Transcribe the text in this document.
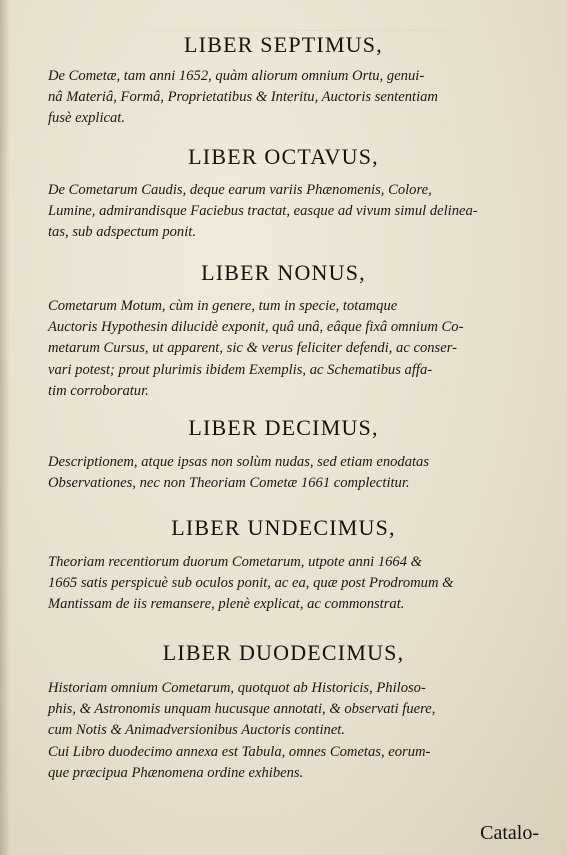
LIBER SEPTIMUS,
De Cometæ, tam anni 1652, quàm aliorum omnium Ortu, genui-
nâ Materiâ, Formâ, Proprietatibus & Interitu, Auctoris sententiam
fusè explicat.
LIBER OCTAVUS,
De Cometarum Caudis, deque earum variis Phænomenis, Colore,
Lumine, admirandisque Faciebus tractat, easque ad vivum simul delinea-
tas, sub adspectum ponit.
LIBER NONUS,
Cometarum Motum, cùm in genere, tum in specie, totamque
Auctoris Hypothesin dilucidè exponit, quâ unâ, eâque fixâ omnium Co-
metarum Cursus, ut apparent, sic & verus feliciter defendi, ac conser-
vari potest; prout plurimis ibidem Exemplis, ac Schematibus affa-
tim corroboratur.
LIBER DECIMUS,
Descriptionem, atque ipsas non solùm nudas, sed etiam enodatas
Observationes, nec non Theoriam Cometæ 1661 complectitur.
LIBER UNDECIMUS,
Theoriam recentiorum duorum Cometarum, utpote anni 1664 &
1665 satis perspicuè sub oculos ponit, ac ea, quæ post Prodromum &
Mantissam de iis remansere, plenè explicat, ac commonstrat.
LIBER DUODECIMUS,
Historiam omnium Cometarum, quotquot ab Historicis, Philoso-
phis, & Astronomis unquam hucusque annotati, & observati fuere,
cum Notis & Animadversionibus Auctoris continet.
Cui Libro duodecimo annexa est Tabula, omnes Cometas, eorum-
que præcipua Phænomena ordine exhibens.
Catalo-
